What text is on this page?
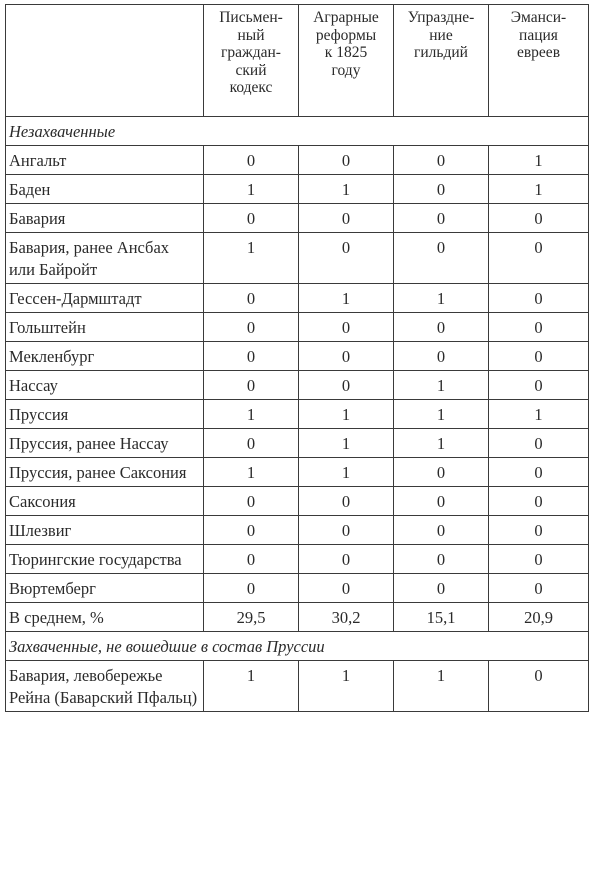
	Письмен-
ный
граждан-
ский
кодекс	Аграрные
реформы
к 1825
году	Упраздне-
ние
гильдий	Эманси-
пация
евреев
Незахваченные				
Ангальт	0	0	0	1
Баден	1	1	0	1
Бавария	0	0	0	0
Бавария, ранее Ансбах или Байройт	1	0	0	0
Гессен-Дармштадт	0	1	1	0
Гольштейн	0	0	0	0
Мекленбург	0	0	0	0
Нассау	0	0	1	0
Пруссия	1	1	1	1
Пруссия, ранее Нассау	0	1	1	0
Пруссия, ранее Саксония	1	1	0	0
Саксония	0	0	0	0
Шлезвиг	0	0	0	0
Тюрингские государства	0	0	0	0
Вюртемберг	0	0	0	0
В среднем, %	29,5	30,2	15,1	20,9
Захваченные, не вошедшие в состав Пруссии				
Бавария, левобережье Рейна (Баварский Пфальц)	1	1	1	0
